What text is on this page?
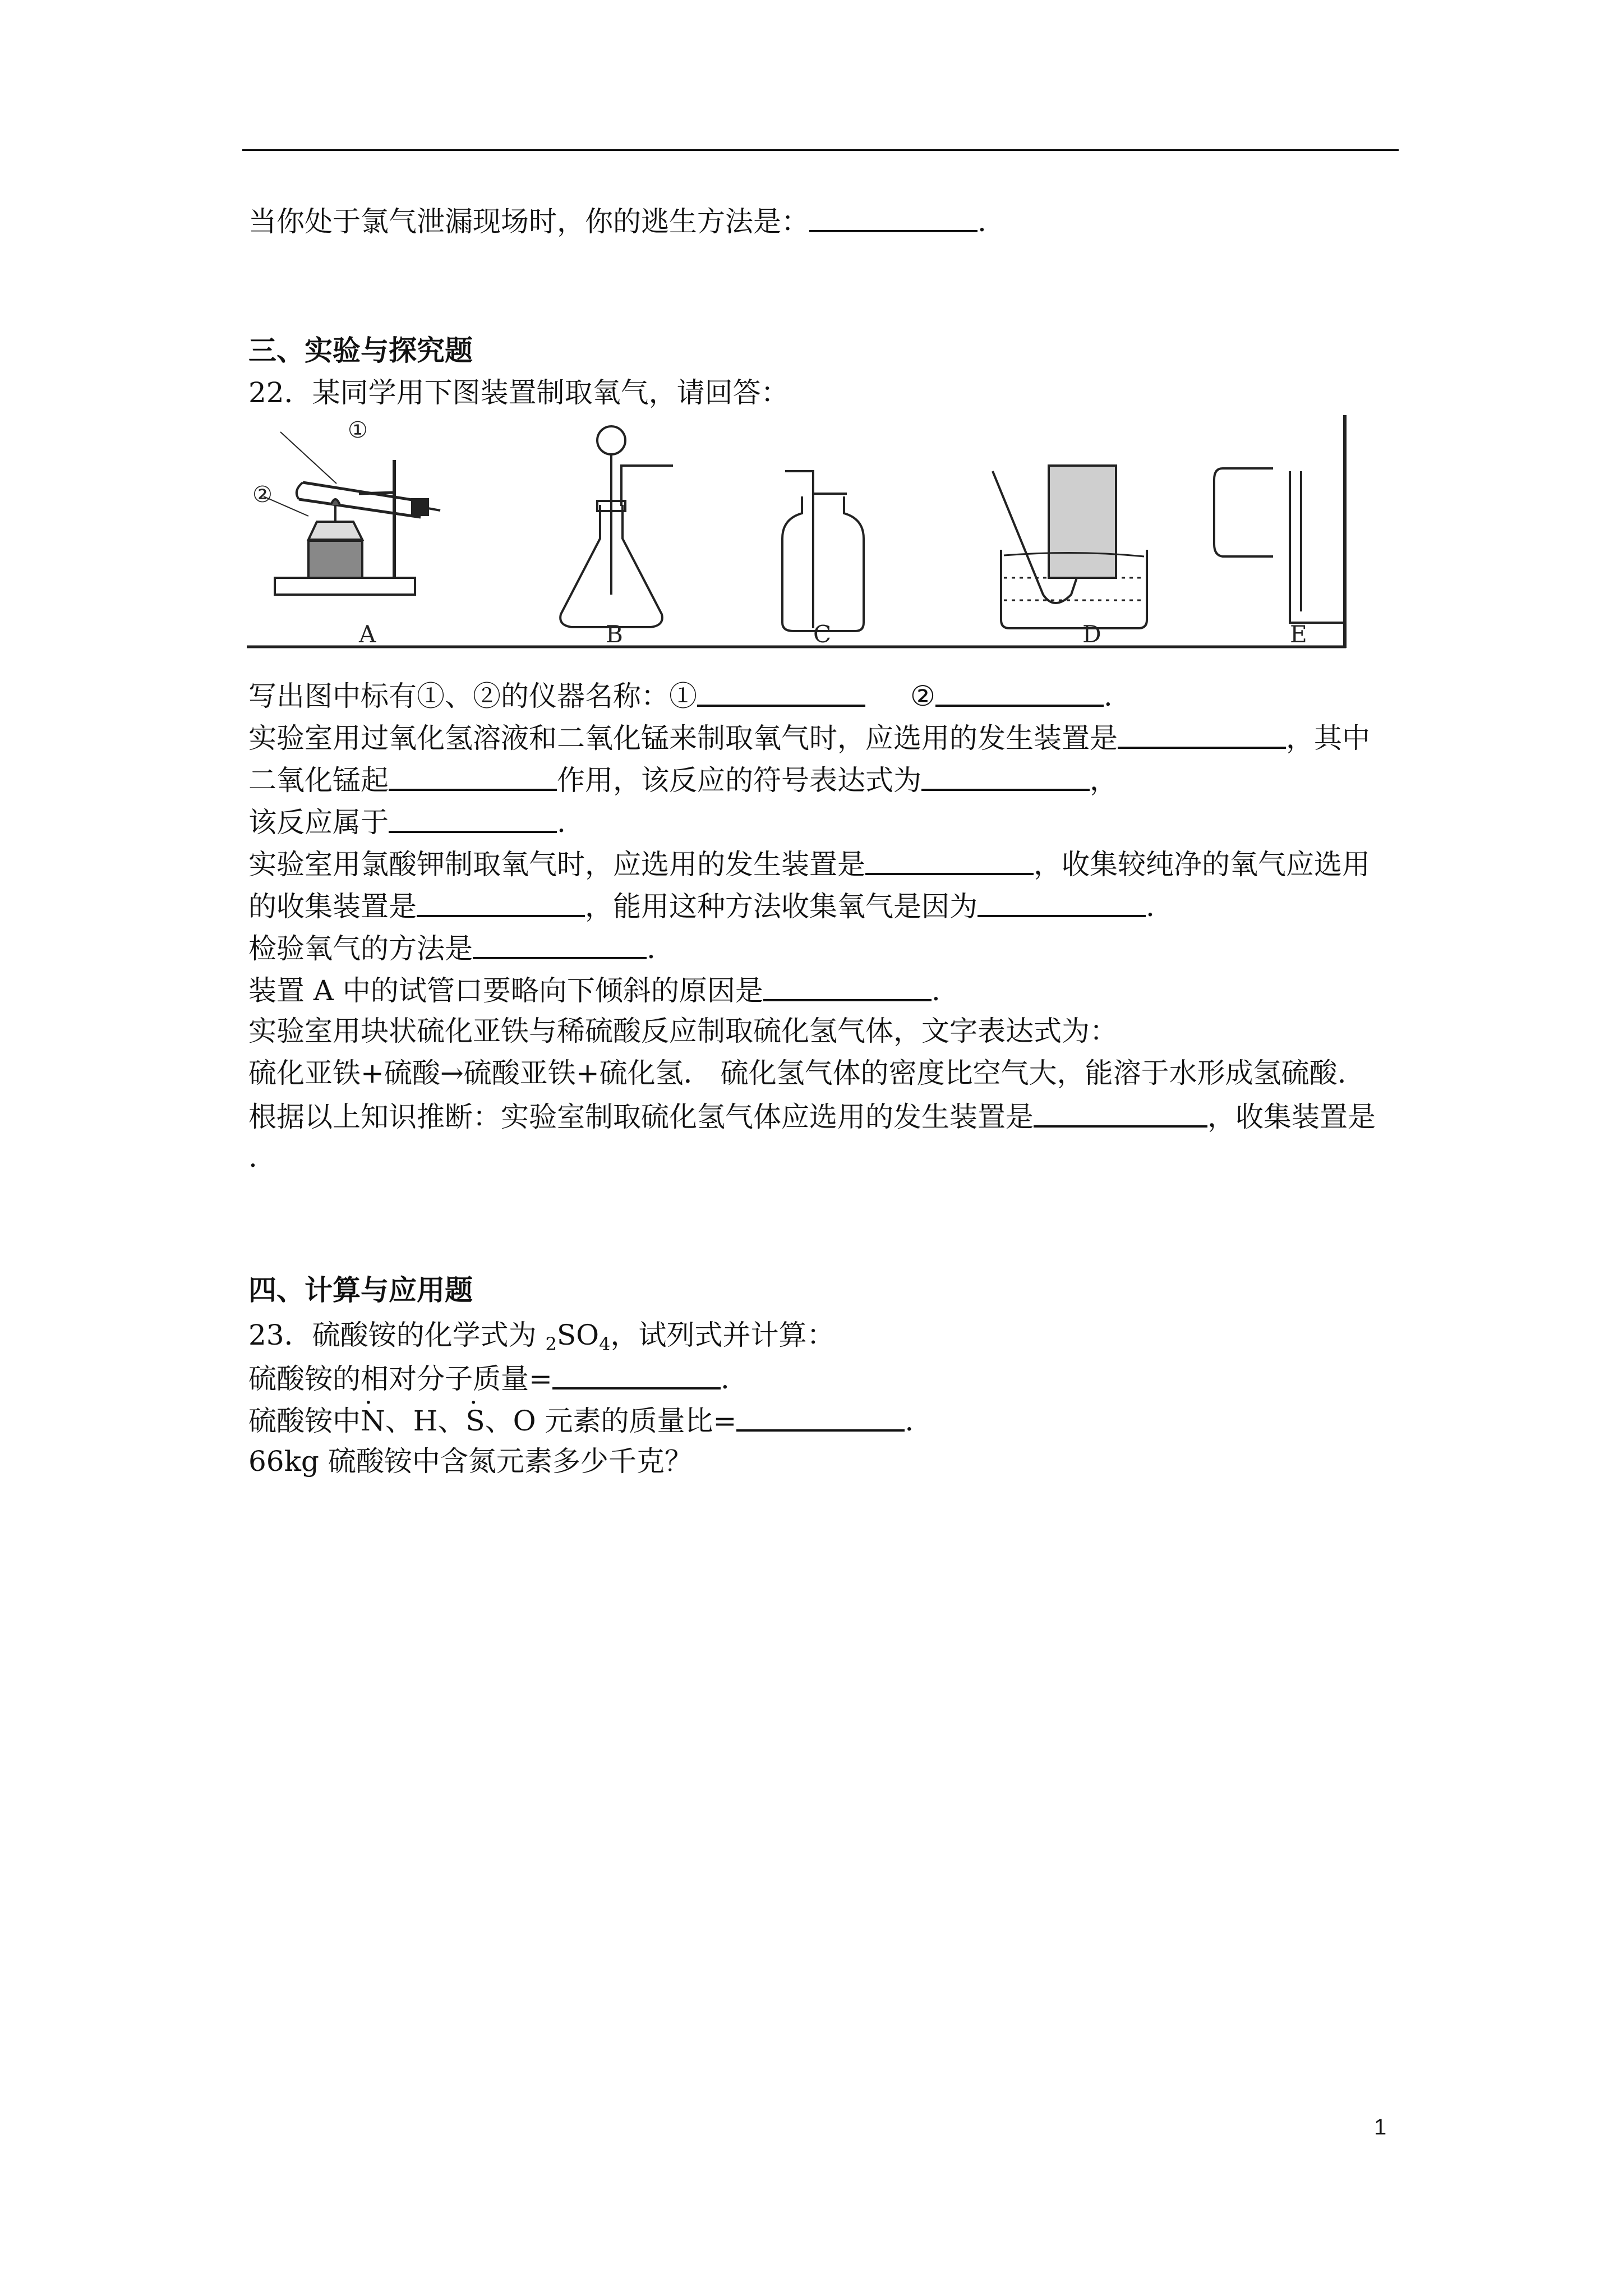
当你处于氯气泄漏现场时，你的逃生方法是：	.
三、实验与探究题
22．某同学用下图装置制取氧气，请回答：
①
②
A	B	C	D	E
写出图中标有①、②的仪器名称：①	②	.
实验室用过氧化氢溶液和二氧化锰来制取氧气时，应选用的发生装置是	，其中
二氧化锰起	作用，该反应的符号表达式为	，
该反应属于	.
实验室用氯酸钾制取氧气时，应选用的发生装置是	，收集较纯净的氧气应选用
的收集装置是	，能用这种方法收集氧气是因为	.
检验氧气的方法是	.
装置 A 中的试管口要略向下倾斜的原因是	.
实验室用块状硫化亚铁与稀硫酸反应制取硫化氢气体，文字表达式为：
硫化亚铁+硫酸→硫酸亚铁+硫化氢． 硫化氢气体的密度比空气大，能溶于水形成氢硫酸.
根据以上知识推断：实验室制取硫化氢气体应选用的发生装置是	，收集装置是
.
四、计算与应用题
23．硫酸铵的化学式为 $_2SO_4$，试列式并计算：
硫酸铵的相对分子质量=	.
硫酸铵中• N、H、• S、O 元素的质量比=	.
66kg 硫酸铵中含氮元素多少千克？
1
